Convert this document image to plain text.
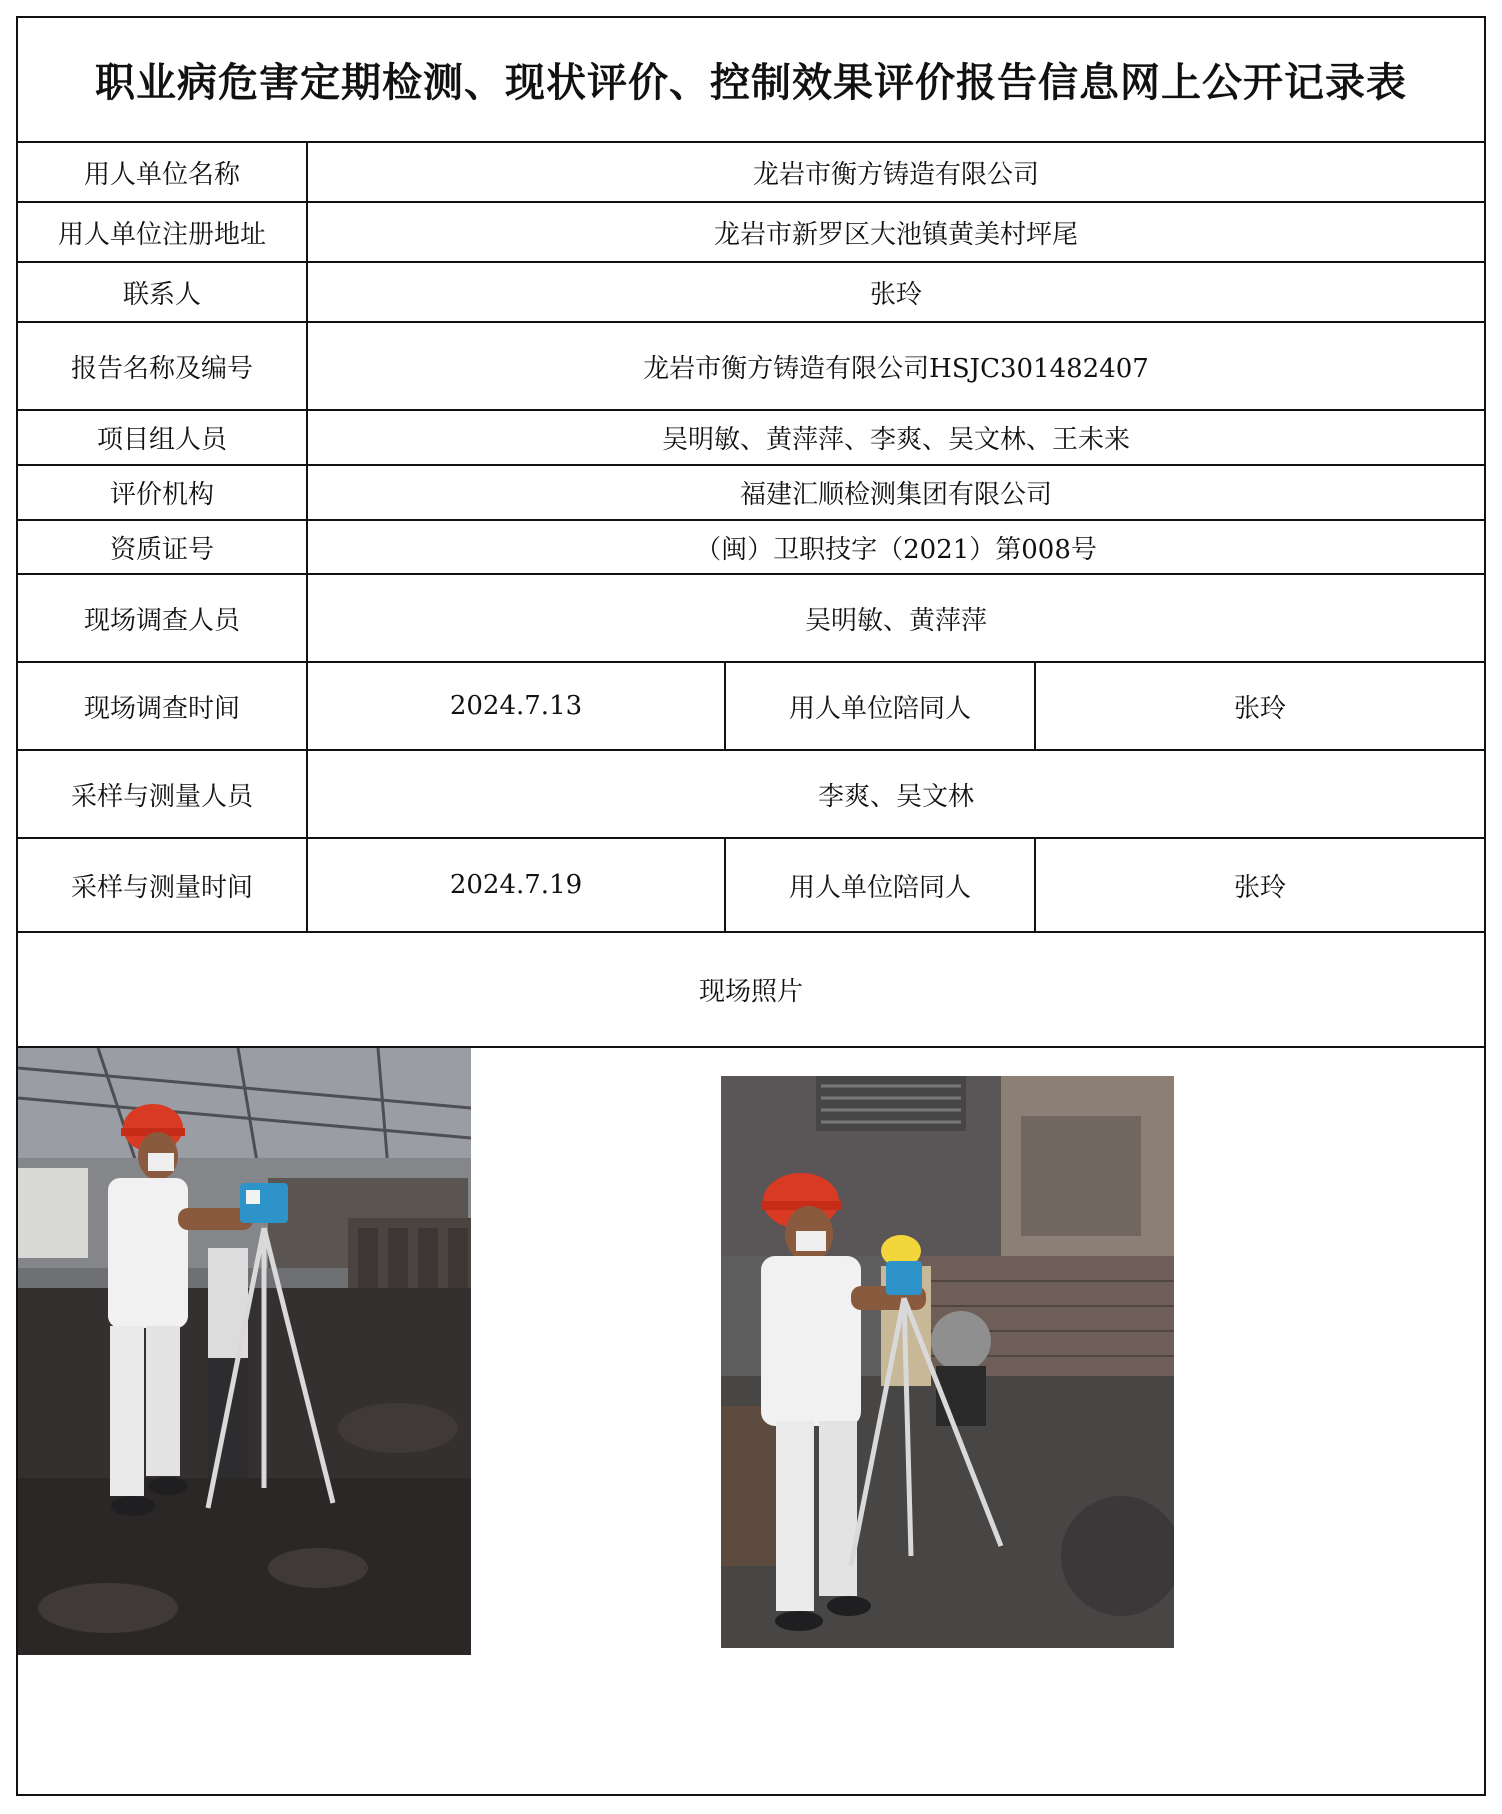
职业病危害定期检测、现状评价、控制效果评价报告信息网上公开记录表
用人单位名称	龙岩市衡方铸造有限公司
用人单位注册地址	龙岩市新罗区大池镇黄美村坪尾
联系人	张玲
报告名称及编号	龙岩市衡方铸造有限公司HSJC301482407
项目组人员	吴明敏、黄萍萍、李爽、吴文林、王未来
评价机构	福建汇顺检测集团有限公司
资质证号	（闽）卫职技字（2021）第008号
现场调查人员	吴明敏、黄萍萍
现场调查时间	2024.7.13	用人单位陪同人	张玲
采样与测量人员	李爽、吴文林
采样与测量时间	2024.7.19	用人单位陪同人	张玲
现场照片
